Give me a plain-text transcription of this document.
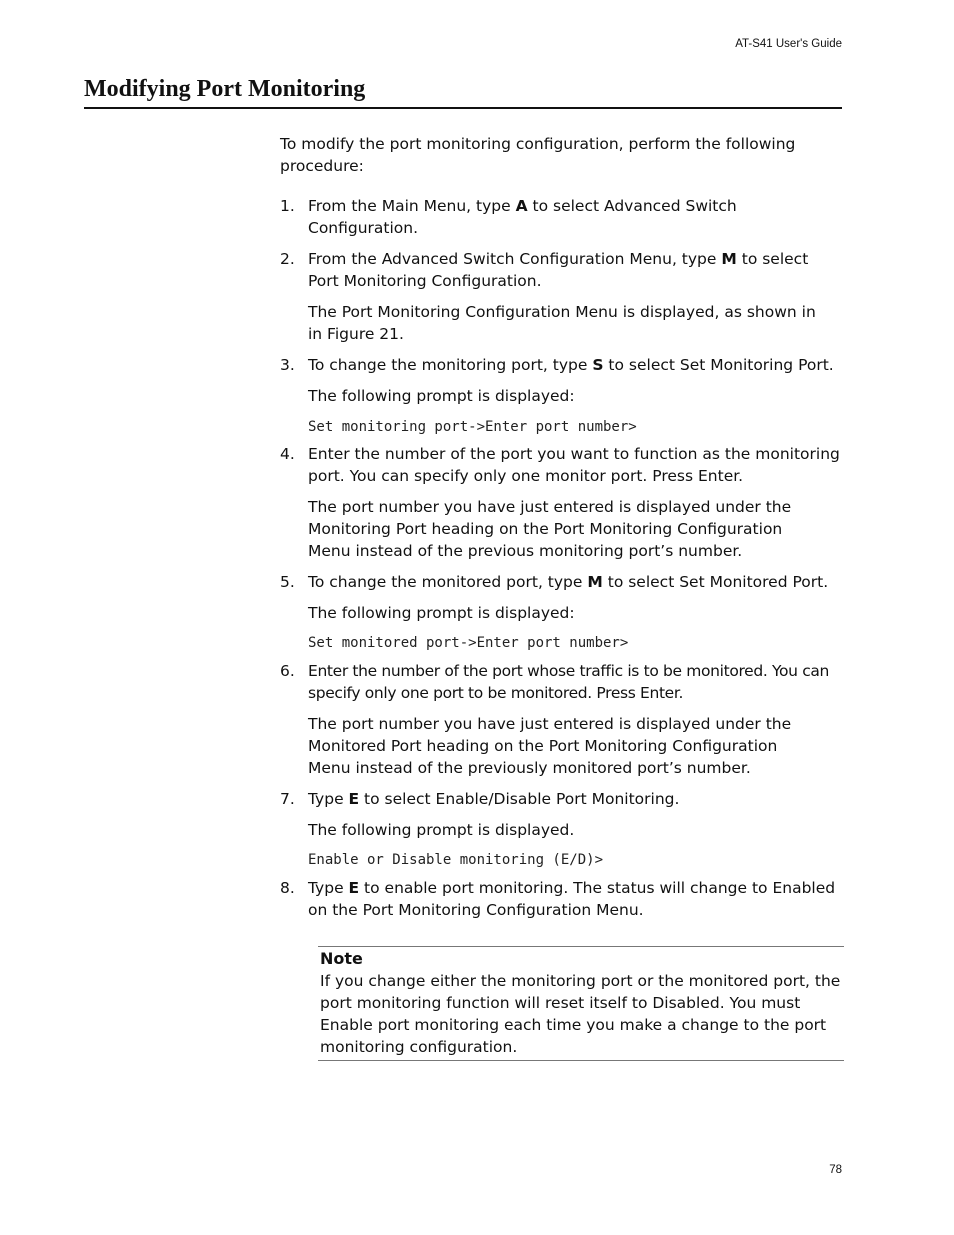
AT-S41 User's Guide
Modifying Port Monitoring
To modify the port monitoring configuration, perform the following procedure:
1. From the Main Menu, type A to select Advanced Switch Configuration.
2. From the Advanced Switch Configuration Menu, type M to select Port Monitoring Configuration.
The Port Monitoring Configuration Menu is displayed, as shown in in Figure 21.
3. To change the monitoring port, type S to select Set Monitoring Port.
The following prompt is displayed:
Set monitoring port->Enter port number>
4. Enter the number of the port you want to function as the monitoring port. You can specify only one monitor port. Press Enter.
The port number you have just entered is displayed under the Monitoring Port heading on the Port Monitoring Configuration Menu instead of the previous monitoring port’s number.
5. To change the monitored port, type M to select Set Monitored Port.
The following prompt is displayed:
Set monitored port->Enter port number>
6. Enter the number of the port whose traffic is to be monitored. You can specify only one port to be monitored. Press Enter.
The port number you have just entered is displayed under the Monitored Port heading on the Port Monitoring Configuration Menu instead of the previously monitored port’s number.
7. Type E to select Enable/Disable Port Monitoring.
The following prompt is displayed.
Enable or Disable monitoring (E/D)>
8. Type E to enable port monitoring. The status will change to Enabled on the Port Monitoring Configuration Menu.
Note
If you change either the monitoring port or the monitored port, the port monitoring function will reset itself to Disabled. You must Enable port monitoring each time you make a change to the port monitoring configuration.
78
